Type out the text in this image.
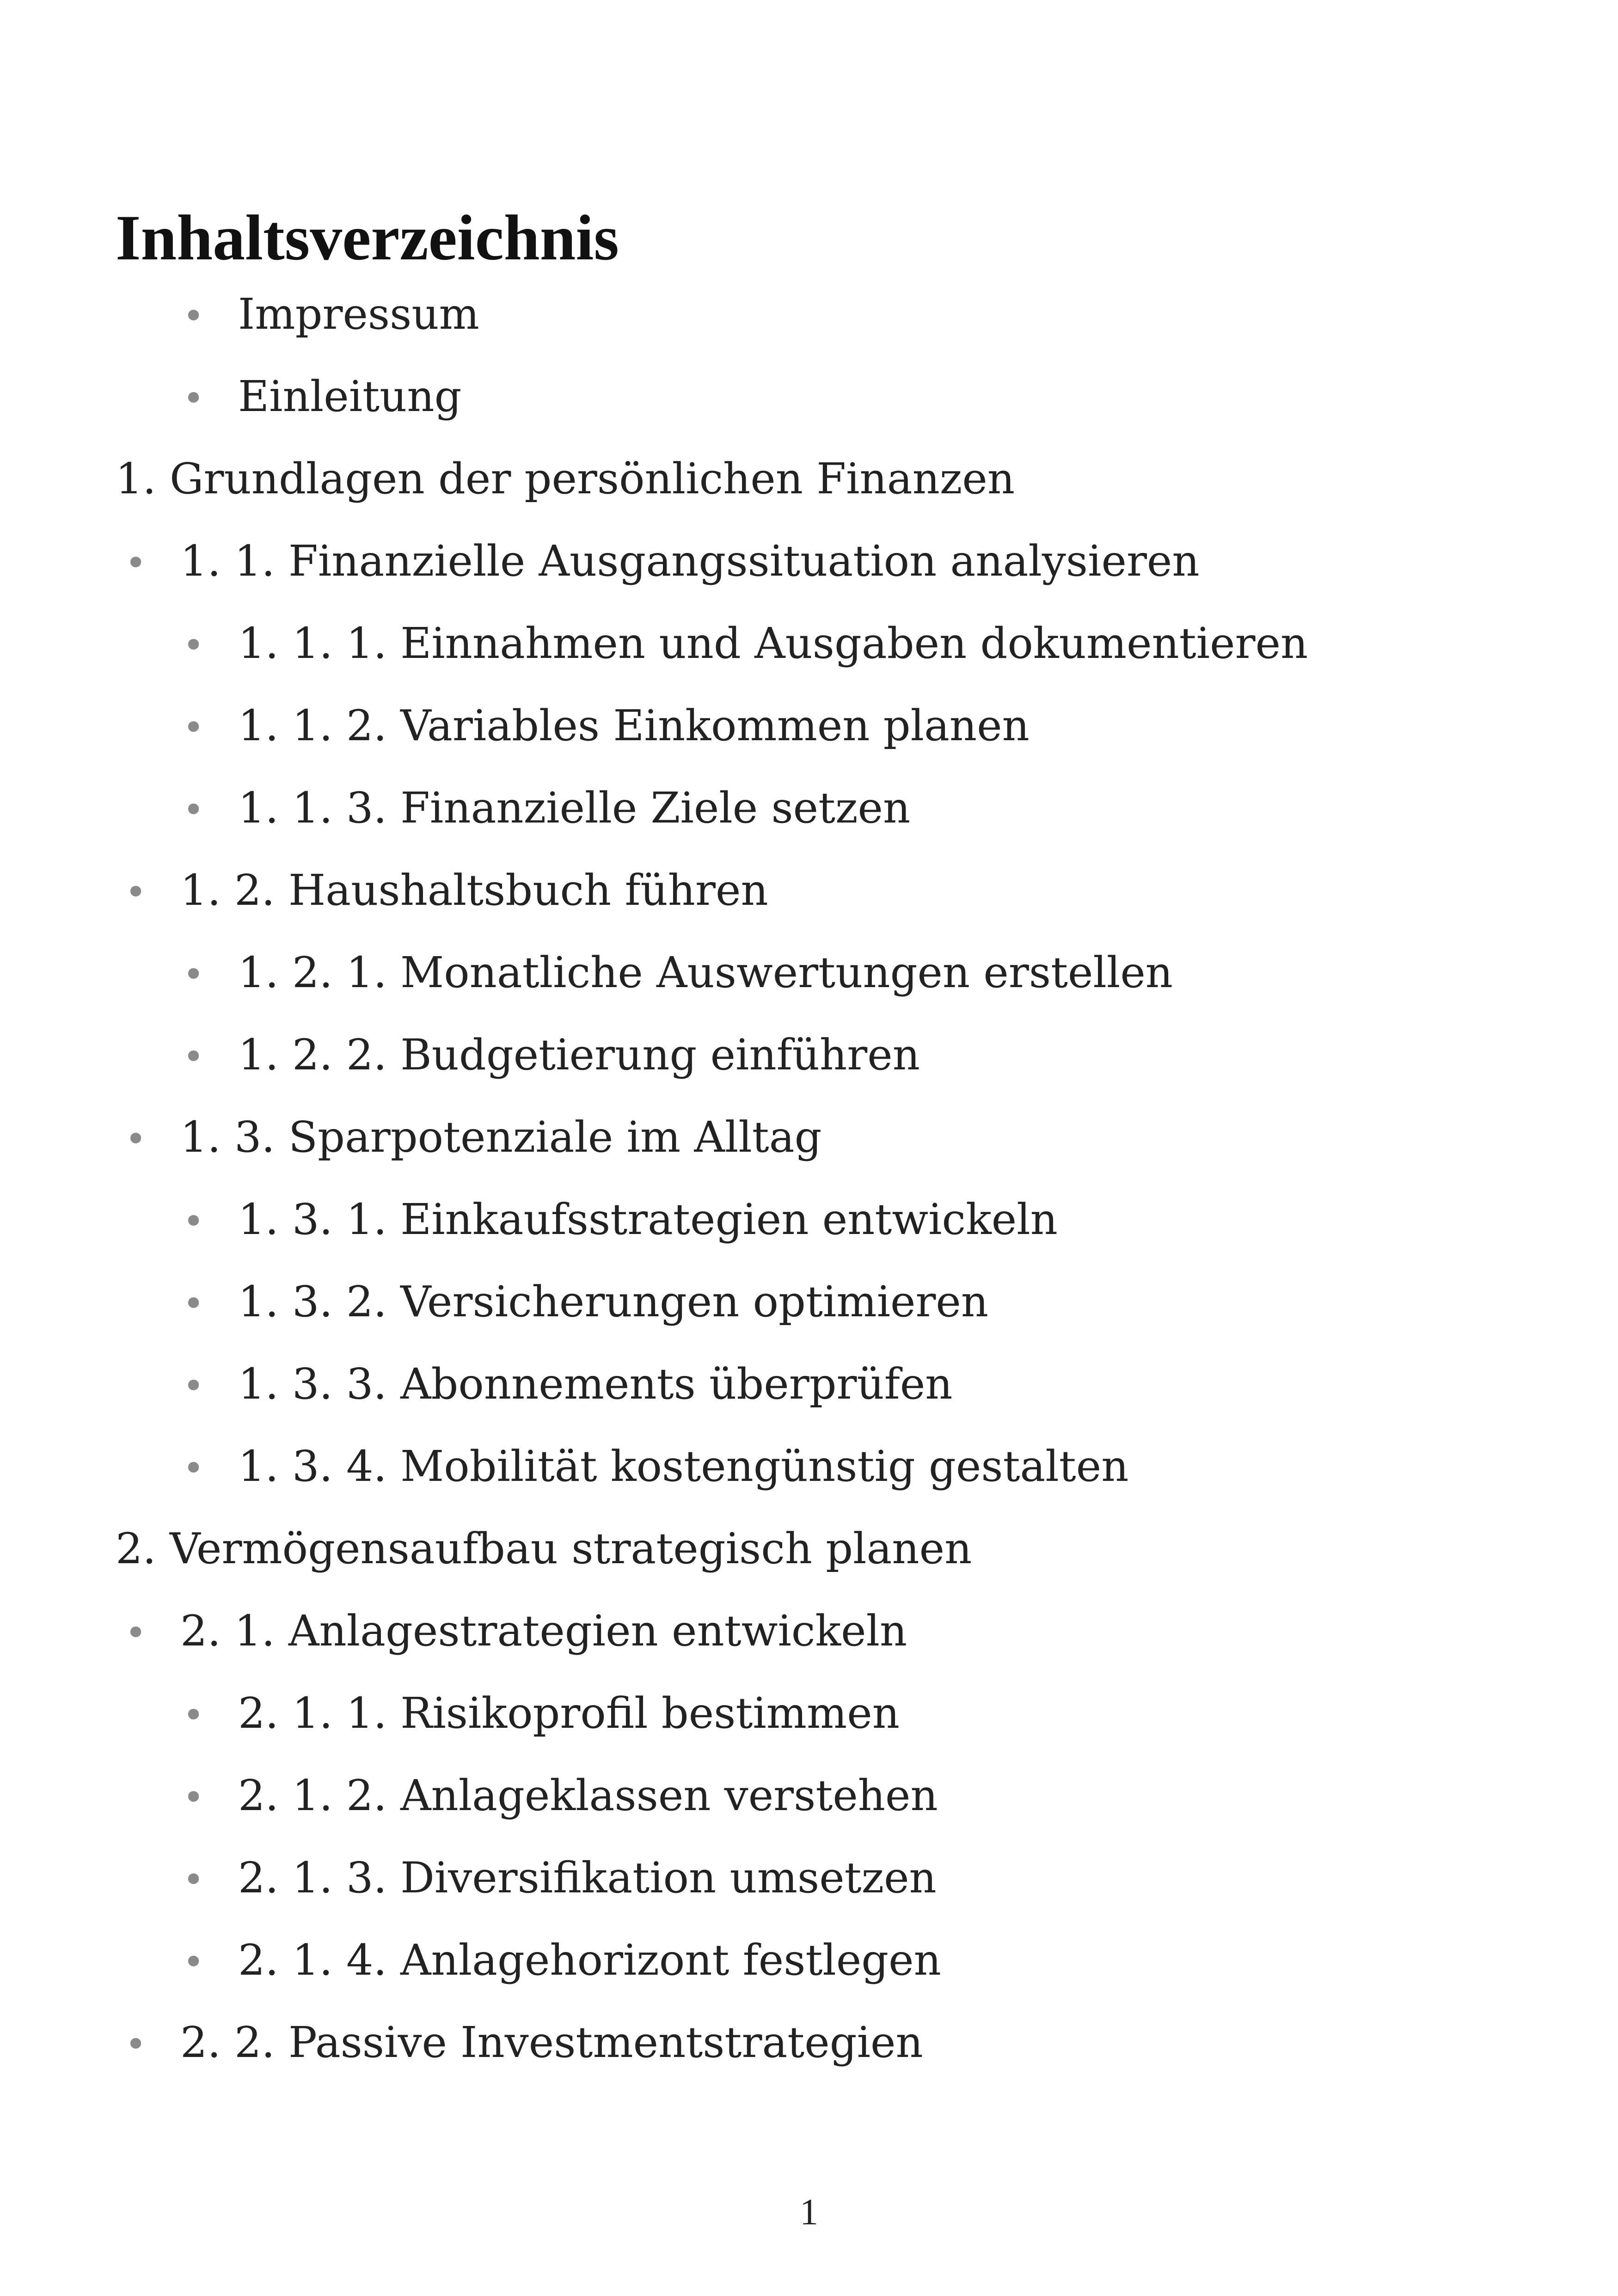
Inhaltsverzeichnis
• Impressum
• Einleitung
1. Grundlagen der persönlichen Finanzen
• 1. 1. Finanzielle Ausgangssituation analysieren
• 1. 1. 1. Einnahmen und Ausgaben dokumentieren
• 1. 1. 2. Variables Einkommen planen
• 1. 1. 3. Finanzielle Ziele setzen
• 1. 2. Haushaltsbuch führen
• 1. 2. 1. Monatliche Auswertungen erstellen
• 1. 2. 2. Budgetierung einführen
• 1. 3. Sparpotenziale im Alltag
• 1. 3. 1. Einkaufsstrategien entwickeln
• 1. 3. 2. Versicherungen optimieren
• 1. 3. 3. Abonnements überprüfen
• 1. 3. 4. Mobilität kostengünstig gestalten
2. Vermögensaufbau strategisch planen
• 2. 1. Anlagestrategien entwickeln
• 2. 1. 1. Risikoprofil bestimmen
• 2. 1. 2. Anlageklassen verstehen
• 2. 1. 3. Diversifikation umsetzen
• 2. 1. 4. Anlagehorizont festlegen
• 2. 2. Passive Investmentstrategien
1
